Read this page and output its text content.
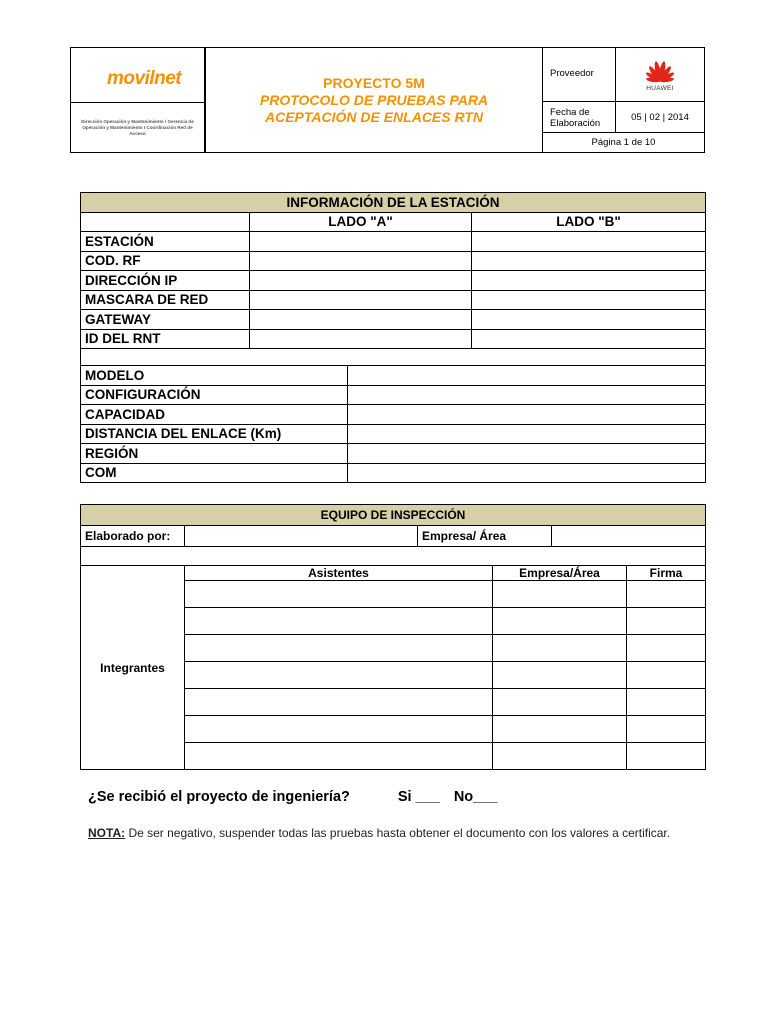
movilnet
Dirección Operación y Mantenimiento / Gerencia de Operación y Mantenimiento I Coordinación Red de Acceso
PROYECTO 5M
PROTOCOLO DE PRUEBAS PARA
ACEPTACIÓN DE ENLACES RTN
Proveedor
HUAWEI
Fecha de Elaboración
05 | 02 | 2014
Página 1 de 10
INFORMACIÓN DE LA ESTACIÓN			
	LADO "A"		LADO "B"
ESTACIÓN			
COD. RF			
DIRECCIÓN IP			
MASCARA DE RED			
GATEWAY			
ID DEL RNT			

MODELO			
CONFIGURACIÓN			
CAPACIDAD			
DISTANCIA DEL ENLACE (Km)			
REGIÓN			
COM			
EQUIPO DE INSPECCIÓN					
Elaborado por:		Empresa/ Área			

Integrantes	Asistentes		Empresa/Área		Firma

¿Se recibió el proyecto de ingeniería?	Si ___ No___
NOTA: De ser negativo, suspender todas las pruebas hasta obtener el documento con los valores a certificar.
